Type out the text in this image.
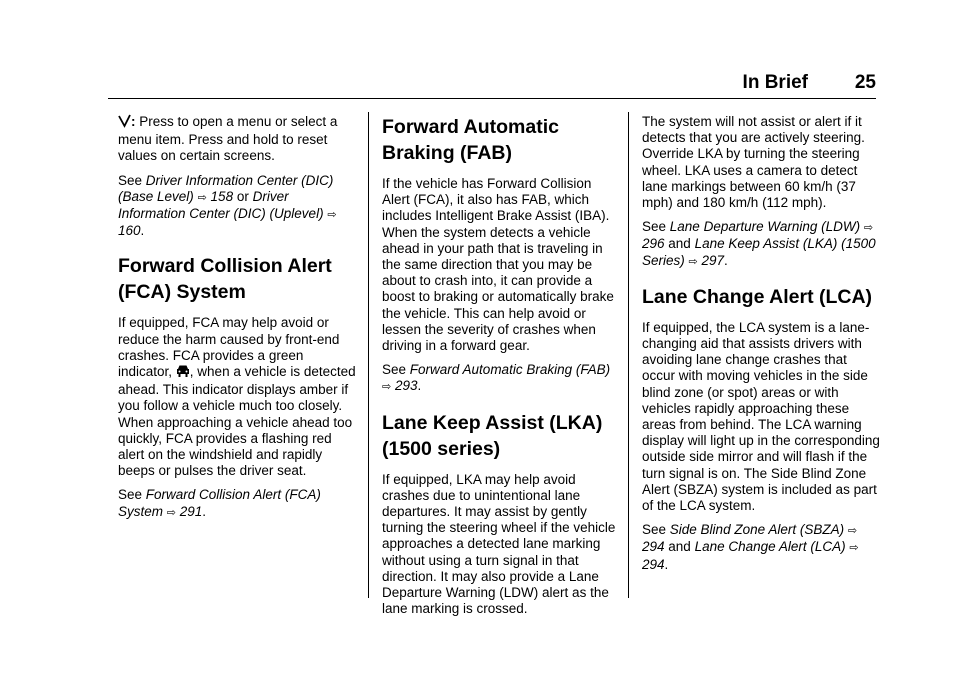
In Brief 25

: Press to open a menu or select a menu item. Press and hold to reset values on certain screens.

See Driver Information Center (DIC) (Base Level) ⇨ 158 or Driver Information Center (DIC) (Uplevel) ⇨ 160.

Forward Collision Alert (FCA) System

If equipped, FCA may help avoid or reduce the harm caused by front-end crashes. FCA provides a green indicator, , when a vehicle is detected ahead. This indicator displays amber if you follow a vehicle much too closely. When approaching a vehicle ahead too quickly, FCA provides a flashing red alert on the windshield and rapidly beeps or pulses the driver seat.

See Forward Collision Alert (FCA) System ⇨ 291.

Forward Automatic Braking (FAB)

If the vehicle has Forward Collision Alert (FCA), it also has FAB, which includes Intelligent Brake Assist (IBA). When the system detects a vehicle ahead in your path that is traveling in the same direction that you may be about to crash into, it can provide a boost to braking or automatically brake the vehicle. This can help avoid or lessen the severity of crashes when driving in a forward gear.

See Forward Automatic Braking (FAB) ⇨ 293.

Lane Keep Assist (LKA) (1500 series)

If equipped, LKA may help avoid crashes due to unintentional lane departures. It may assist by gently turning the steering wheel if the vehicle approaches a detected lane marking without using a turn signal in that direction. It may also provide a Lane Departure Warning (LDW) alert as the lane marking is crossed.

The system will not assist or alert if it detects that you are actively steering. Override LKA by turning the steering wheel. LKA uses a camera to detect lane markings between 60 km/h (37 mph) and 180 km/h (112 mph).

See Lane Departure Warning (LDW) ⇨ 296 and Lane Keep Assist (LKA) (1500 Series) ⇨ 297.

Lane Change Alert (LCA)

If equipped, the LCA system is a lane-changing aid that assists drivers with avoiding lane change crashes that occur with moving vehicles in the side blind zone (or spot) areas or with vehicles rapidly approaching these areas from behind. The LCA warning display will light up in the corresponding outside side mirror and will flash if the turn signal is on. The Side Blind Zone Alert (SBZA) system is included as part of the LCA system.

See Side Blind Zone Alert (SBZA) ⇨ 294 and Lane Change Alert (LCA) ⇨ 294.
